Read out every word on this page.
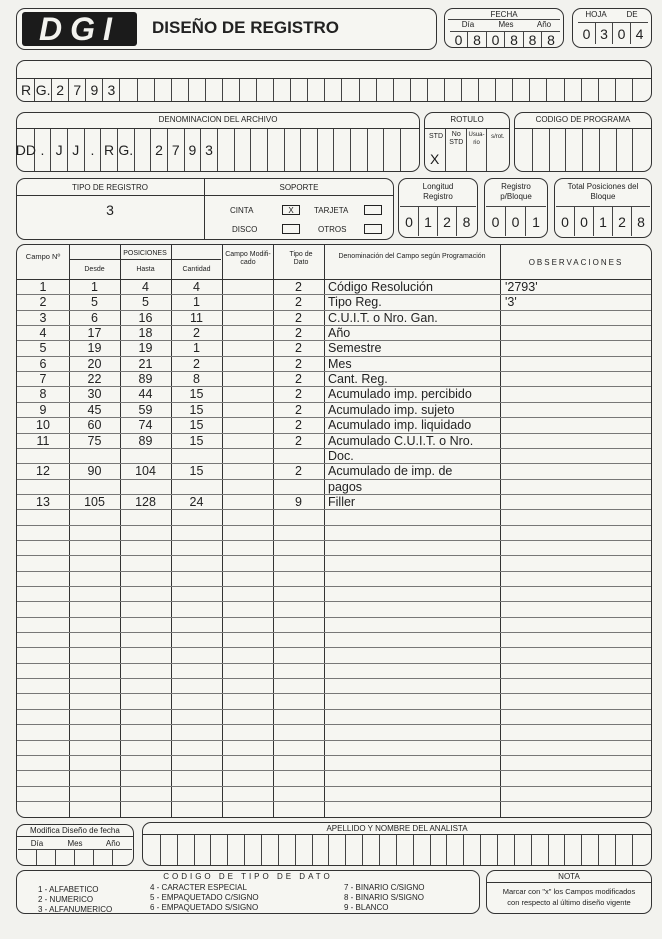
DGI	DISEÑO DE REGISTRO
FECHA
Día	Mes	Año
0 8 0 8 8 8
HOJA	DE
0 3 0 4
R G. 2 7 9 3
DENOMINACION DEL ARCHIVO
DD . J J . R G. 2 7 9 3
ROTULO
STD
X
No STD
Usua-rio
s/rot.
CODIGO DE PROGRAMA
TIPO DE REGISTRO
3
SOPORTE
CINTA	X	TARJETA
DISCO	OTROS
Longitud Registro
0 1 2 8
Registro p/Bloque
0 0 1
Total Posiciones del Bloque
0 0 1 2 8
Campo Nº	POSICIONES
Desde	Hasta	Cantidad
Campo Modifi-cado
Tipo de Dato
Denominación del Campo según Programación
OBSERVACIONES
1	1	4	4	2	Código Resolución	'2793'
2	5	5	1	2	Tipo Reg.	'3'
3	6	16	11	2	C.U.I.T. o Nro. Gan.
4	17	18	2	2	Año
5	19	19	1	2	Semestre
6	20	21	2	2	Mes
7	22	89	8	2	Cant. Reg.
8	30	44	15	2	Acumulado imp. percibido
9	45	59	15	2	Acumulado imp. sujeto
10	60	74	15	2	Acumulado imp. liquidado
11	75	89	15	2	Acumulado C.U.I.T. o Nro.
Doc.
12	90	104	15	2	Acumulado de imp. de
pagos
13	105	128	24	9	Filler
Modifica Diseño de fecha
Día	Mes	Año
APELLIDO Y NOMBRE DEL ANALISTA
CODIGO DE TIPO DE DATO
1 - ALFABETICO
2 - NUMERICO
3 - ALFANUMERICO
4 - CARACTER ESPECIAL
5 - EMPAQUETADO C/SIGNO
6 - EMPAQUETADO S/SIGNO
7 - BINARIO C/SIGNO
8 - BINARIO S/SIGNO
9 - BLANCO
NOTA
Marcar con "x" los Campos modificados
con respecto al último diseño vigente
